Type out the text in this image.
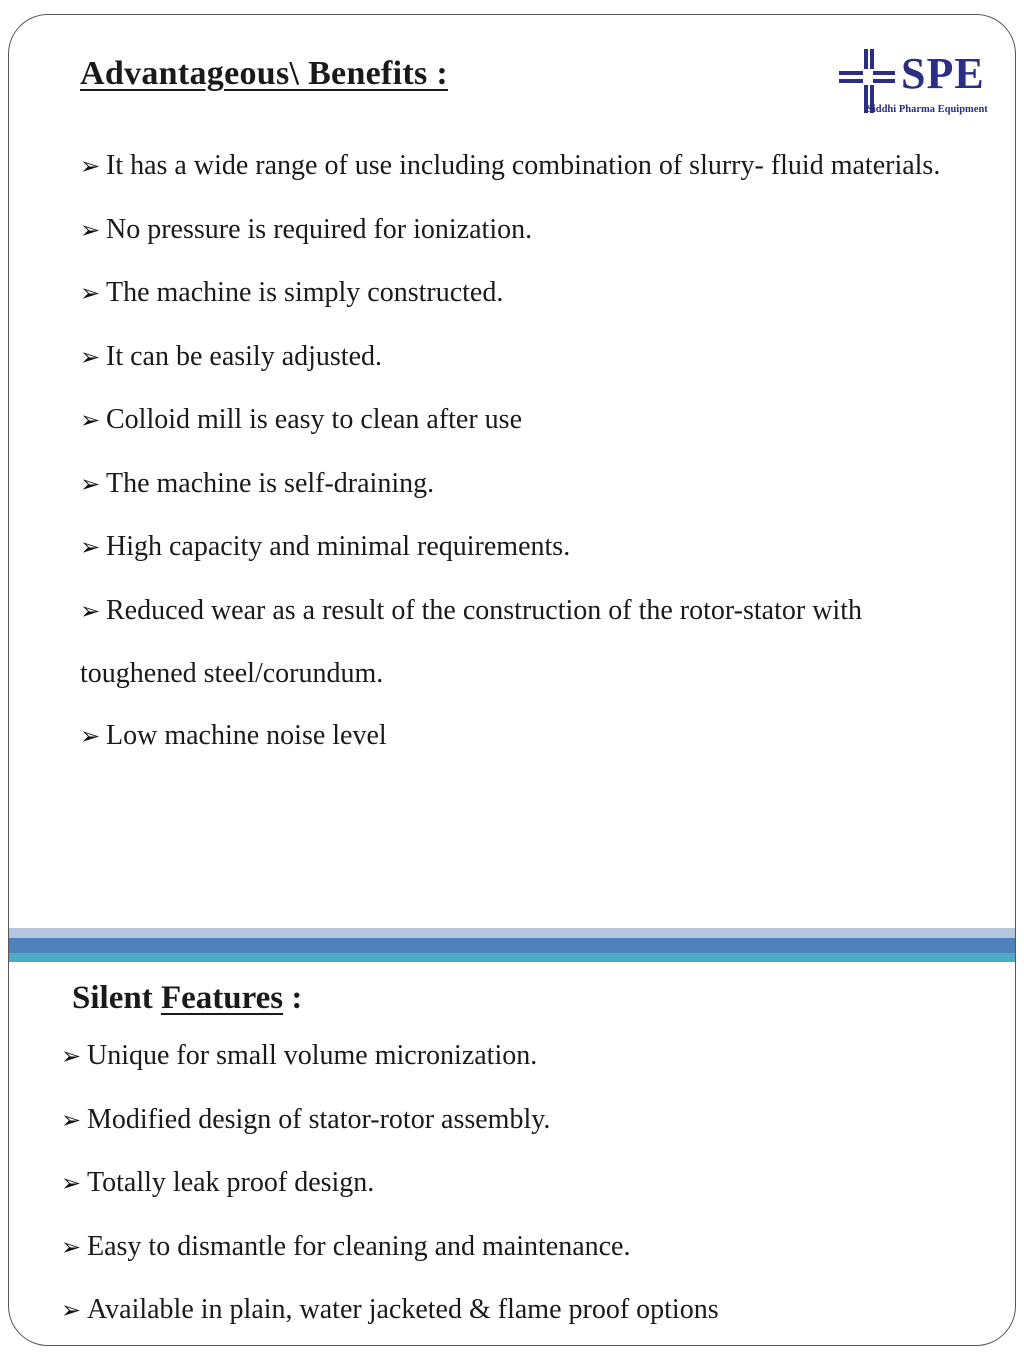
Advantageous\ Benefits :	SPE
Siddhi Pharma Equipment
➢ It has a wide range of use including combination of slurry- fluid materials.
➢ No pressure is required for ionization.
➢ The machine is simply constructed.
➢ It can be easily adjusted.
➢ Colloid mill is easy to clean after use
➢ The machine is self-draining.
➢ High capacity and minimal requirements.
➢ Reduced wear as a result of the construction of the rotor-stator with toughened steel/corundum.
➢ Low machine noise level
Silent Features :
➢ Unique for small volume micronization.
➢ Modified design of stator-rotor assembly.
➢ Totally leak proof design.
➢ Easy to dismantle for cleaning and maintenance.
➢ Available in plain, water jacketed & flame proof options
